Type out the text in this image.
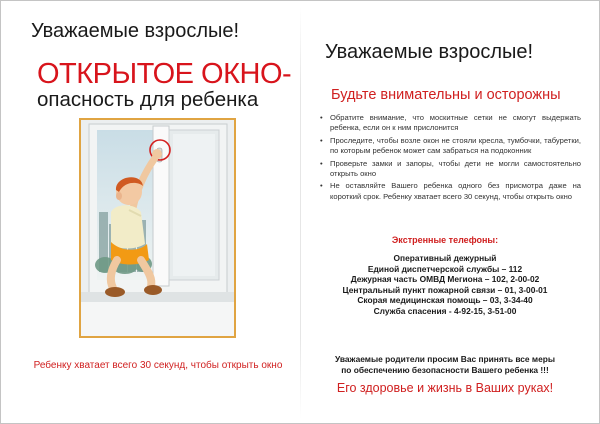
Уважаемые взрослые!
ОТКРЫТОЕ ОКНО-
опасность для ребенка
Ребенку хватает всего 30 секунд, чтобы открыть окно
Уважаемые взрослые!
Будьте внимательны и осторожны
• Обратите внимание, что москитные сетки не смогут выдержать ребенка, если он к ним прислонится
• Проследите, чтобы возле окон не стояли кресла, тумбочки, табуретки, по которым ребенок может сам забраться на подоконник
• Проверьте замки и запоры, чтобы дети не могли самостоятельно открыть окно
• Не оставляйте Вашего ребенка одного без присмотра даже на короткий срок. Ребенку хватает всего 30 секунд, чтобы открыть окно
Экстренные телефоны:
Оперативный дежурный
Единой диспетчерской службы – 112
Дежурная часть ОМВД Мегиона – 102, 2-00-02
Центральный пункт пожарной связи – 01, 3-00-01
Скорая медицинская помощь – 03, 3-34-40
Служба спасения - 4-92-15, 3-51-00
Уважаемые родители просим Вас принять все меры
по обеспечению безопасности Вашего ребенка !!!
Его здоровье и жизнь в Ваших руках!
